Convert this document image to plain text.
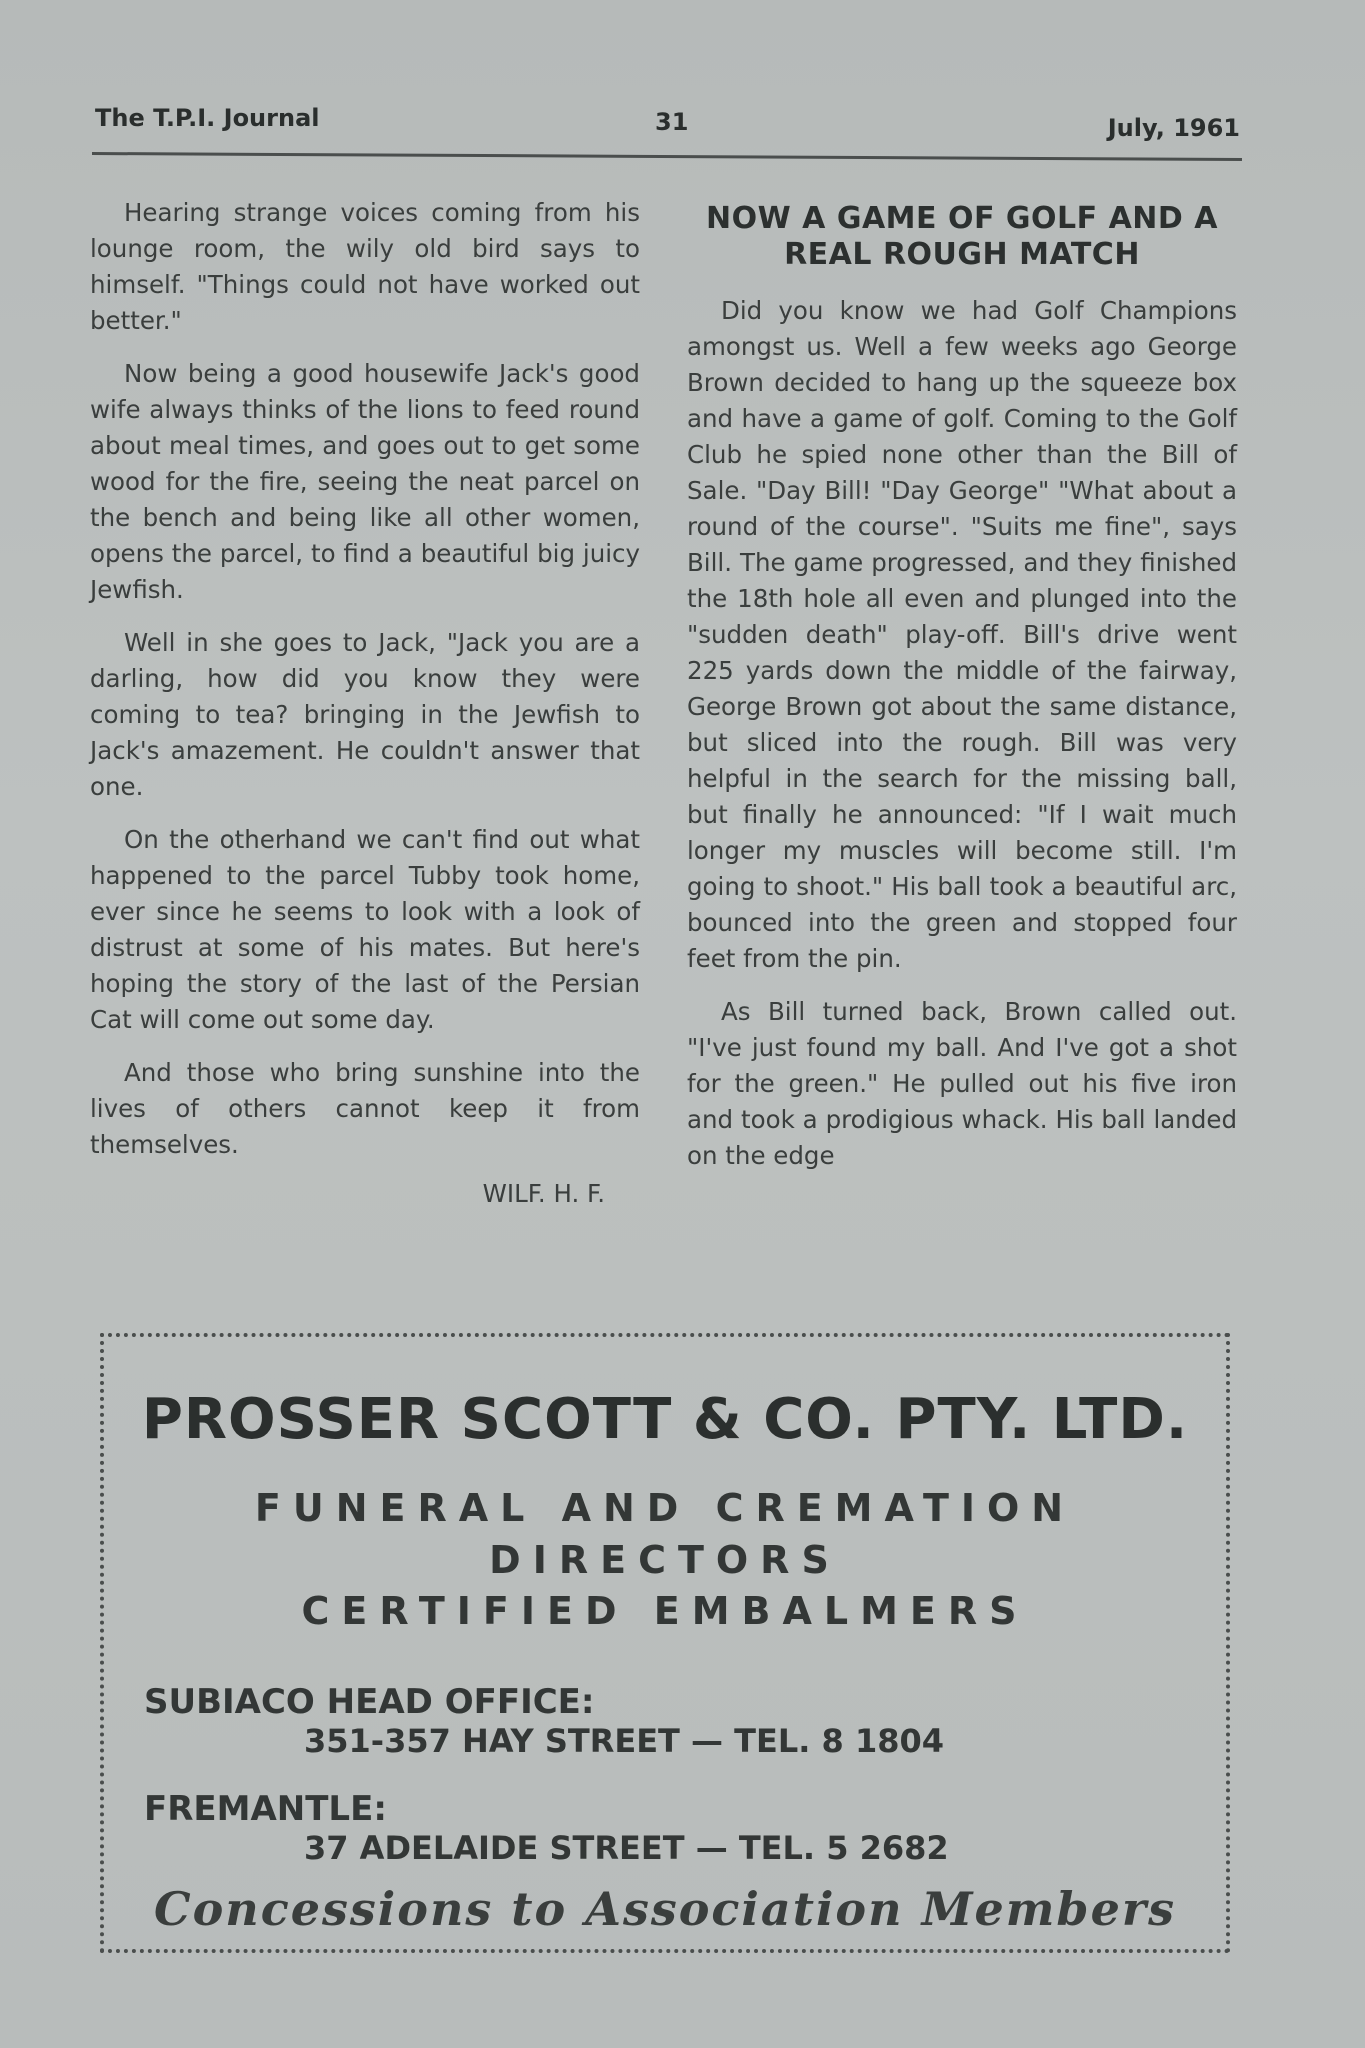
The T.P.I. Journal	31	July, 1961

Hearing strange voices coming from his lounge room, the wily old bird says to himself. "Things could not have worked out better."

Now being a good housewife Jack's good wife always thinks of the lions to feed round about meal times, and goes out to get some wood for the fire, seeing the neat parcel on the bench and being like all other women, opens the parcel, to find a beautiful big juicy Jewfish.

Well in she goes to Jack, "Jack you are a darling, how did you know they were coming to tea? bringing in the Jewfish to Jack's amazement. He couldn't answer that one.

On the otherhand we can't find out what happened to the parcel Tubby took home, ever since he seems to look with a look of distrust at some of his mates. But here's hoping the story of the last of the Persian Cat will come out some day.

And those who bring sunshine into the lives of others cannot keep it from themselves.

WILF. H. F.

NOW A GAME OF GOLF AND A REAL ROUGH MATCH

Did you know we had Golf Champions amongst us. Well a few weeks ago George Brown decided to hang up the squeeze box and have a game of golf. Coming to the Golf Club he spied none other than the Bill of Sale. "Day Bill! "Day George" "What about a round of the course". "Suits me fine", says Bill. The game progressed, and they finished the 18th hole all even and plunged into the "sudden death" play-off. Bill's drive went 225 yards down the middle of the fairway, George Brown got about the same distance, but sliced into the rough. Bill was very helpful in the search for the missing ball, but finally he announced: "If I wait much longer my muscles will become still. I'm going to shoot." His ball took a beautiful arc, bounced into the green and stopped four feet from the pin.

As Bill turned back, Brown called out. "I've just found my ball. And I've got a shot for the green." He pulled out his five iron and took a prodigious whack. His ball landed on the edge

PROSSER SCOTT & CO. PTY. LTD.
FUNERAL AND CREMATION
DIRECTORS
CERTIFIED EMBALMERS
SUBIACO HEAD OFFICE:
351-357 HAY STREET — TEL. 8 1804
FREMANTLE:
37 ADELAIDE STREET — TEL. 5 2682
Concessions to Association Members
